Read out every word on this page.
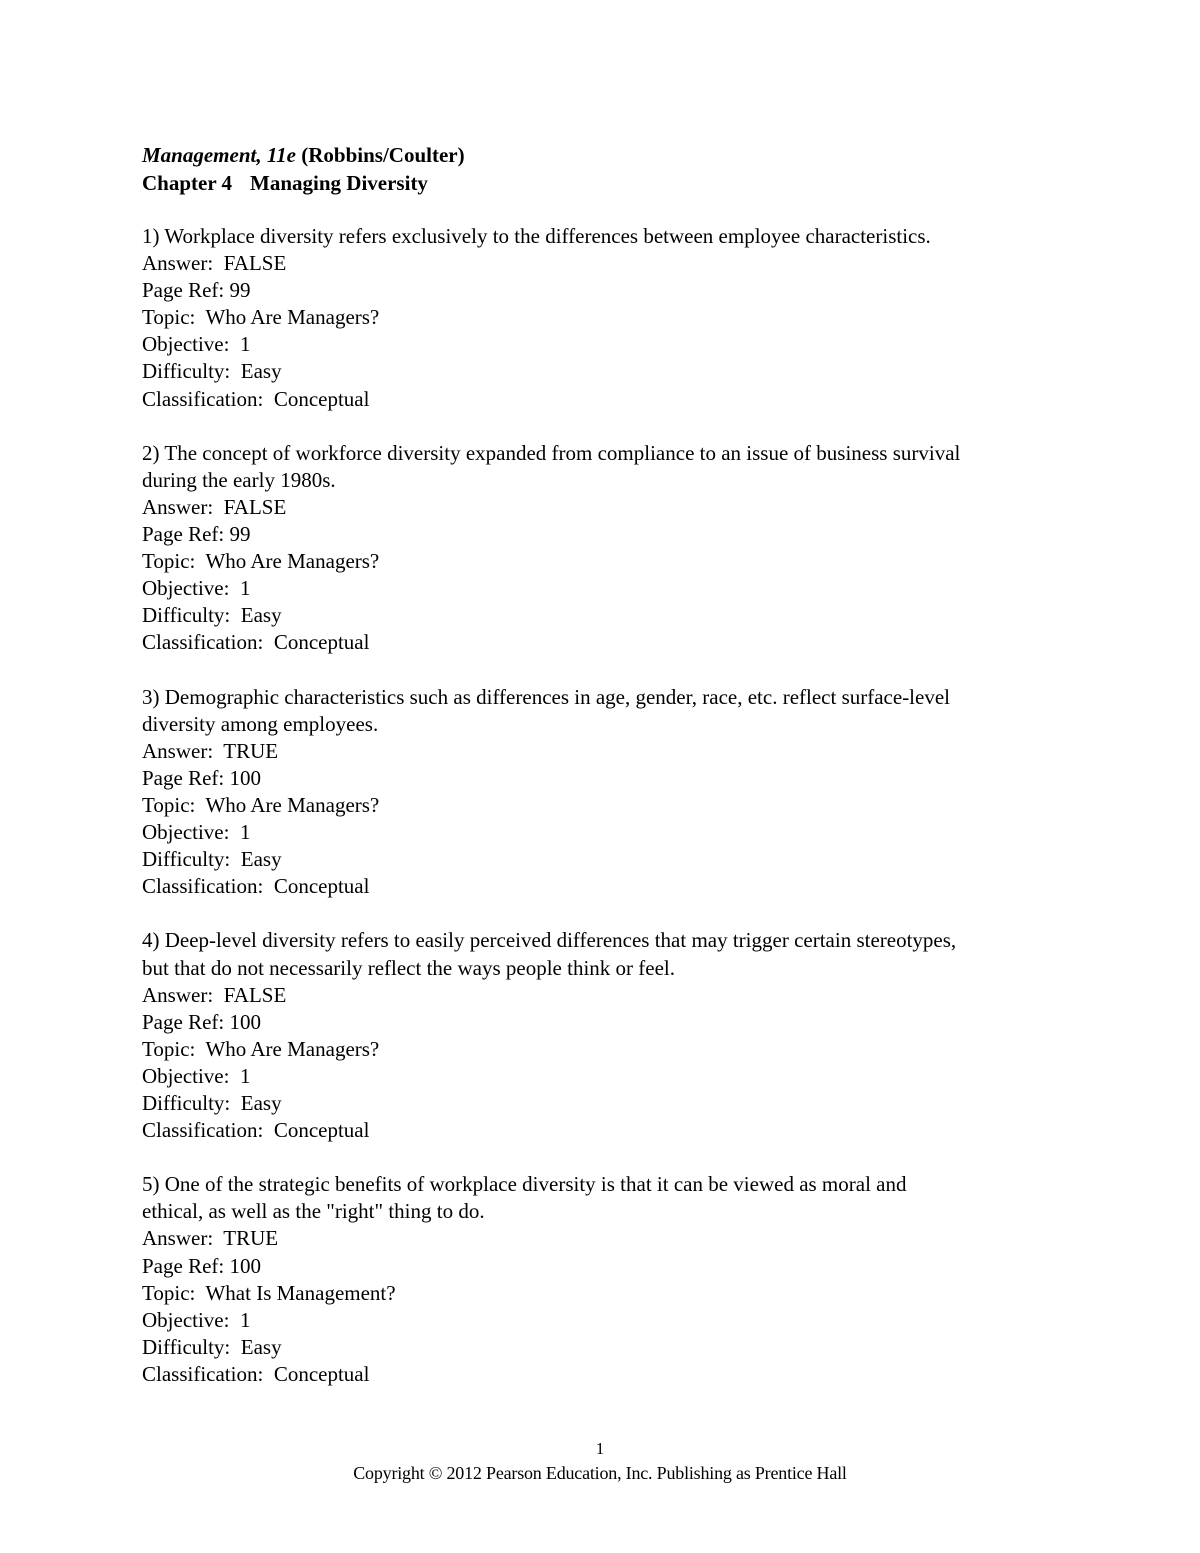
Management, 11e (Robbins/Coulter)
Chapter 4 Managing Diversity

1) Workplace diversity refers exclusively to the differences between employee characteristics.

Answer: FALSE

Page Ref: 99

Topic: Who Are Managers?

Objective: 1

Difficulty: Easy

Classification: Conceptual

2) The concept of workforce diversity expanded from compliance to an issue of business survival
during the early 1980s.

Answer: FALSE

Page Ref: 99

Topic: Who Are Managers?

Objective: 1

Difficulty: Easy

Classification: Conceptual

3) Demographic characteristics such as differences in age, gender, race, etc. reflect surface-level
diversity among employees.

Answer: TRUE

Page Ref: 100

Topic: Who Are Managers?

Objective: 1

Difficulty: Easy

Classification: Conceptual

4) Deep-level diversity refers to easily perceived differences that may trigger certain stereotypes,
but that do not necessarily reflect the ways people think or feel.

Answer: FALSE

Page Ref: 100

Topic: Who Are Managers?

Objective: 1

Difficulty: Easy

Classification: Conceptual

5) One of the strategic benefits of workplace diversity is that it can be viewed as moral and
ethical, as well as the "right" thing to do.

Answer: TRUE

Page Ref: 100

Topic: What Is Management?

Objective: 1

Difficulty: Easy

Classification: Conceptual

1
Copyright © 2012 Pearson Education, Inc. Publishing as Prentice Hall
